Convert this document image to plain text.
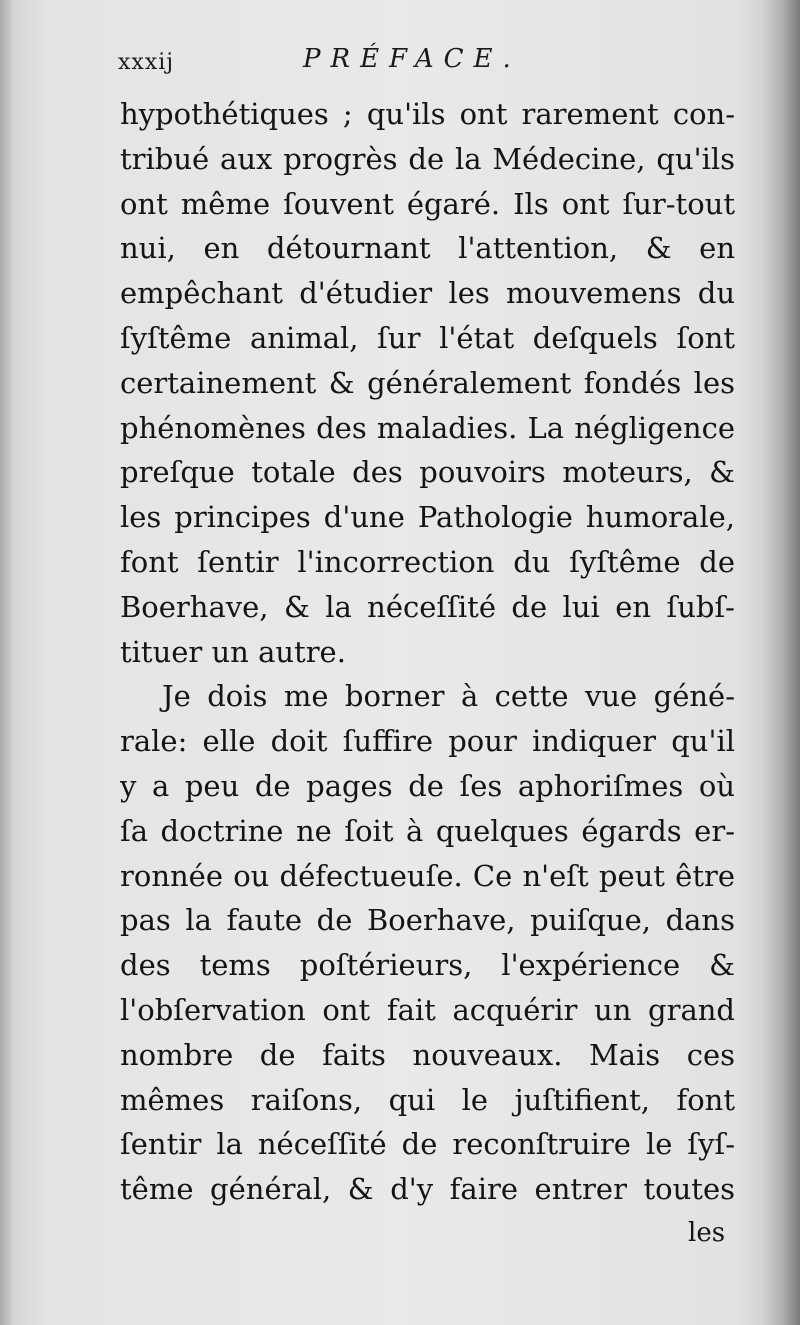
xxxij	PRÉFACE.
hypothétiques ; qu'ils ont rarement con-
tribué aux progrès de la Médecine, qu'ils
ont même ſouvent égaré. Ils ont ſur-tout
nui, en détournant l'attention, & en
empêchant d'étudier les mouvemens du
ſyſtême animal, ſur l'état deſquels ſont
certainement & généralement fondés les
phénomènes des maladies. La négligence
preſque totale des pouvoirs moteurs, &
les principes d'une Pathologie humorale,
font ſentir l'incorrection du ſyſtême de
Boerhave, & la néceſſité de lui en ſubſ-
tituer un autre.
Je dois me borner à cette vue géné-
rale: elle doit ſuffire pour indiquer qu'il
y a peu de pages de ſes aphoriſmes où
ſa doctrine ne ſoit à quelques égards er-
ronnée ou défectueuſe. Ce n'eſt peut être
pas la faute de Boerhave, puiſque, dans
des tems poſtérieurs, l'expérience &
l'obſervation ont fait acquérir un grand
nombre de faits nouveaux. Mais ces
mêmes raiſons, qui le juſtifient, font
ſentir la néceſſité de reconſtruire le ſyſ-
tême général, & d'y faire entrer toutes
les
